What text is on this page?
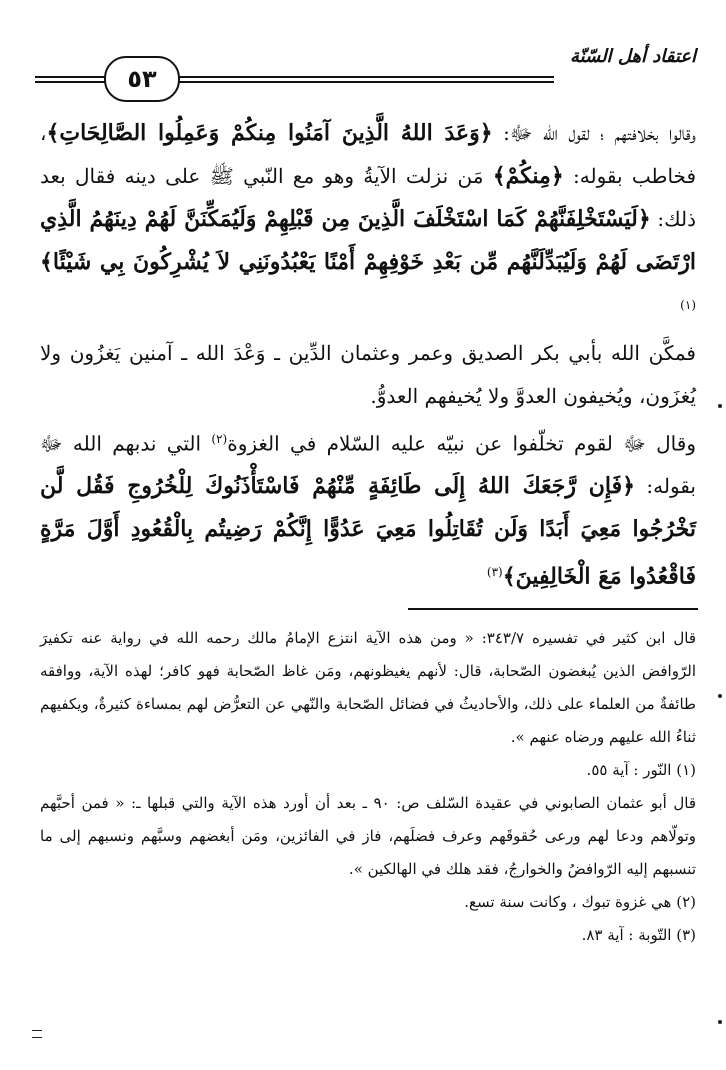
اعتقاد أهل السّنّة
٥٣

وقالوا بخلافتهم ؛ لقول الله ﷻ: ﴿وَعَدَ اللهُ الَّذِينَ آمَنُوا مِنكُمْ وَعَمِلُوا الصَّالِحَاتِ﴾، فخاطب بقوله: ﴿مِنكُمْ﴾ مَن نزلت الآيةُ وهو مع النّبي ﷺ على دينه فقال بعد ذلك: ﴿لَيَسْتَخْلِفَنَّهُمْ كَمَا اسْتَخْلَفَ الَّذِينَ مِن قَبْلِهِمْ وَلَيُمَكِّنَنَّ لَهُمْ دِينَهُمُ الَّذِي ارْتَضَى لَهُمْ وَلَيُبَدِّلَنَّهُم مِّن بَعْدِ خَوْفِهِمْ أَمْنًا يَعْبُدُونَنِي لاَ يُشْرِكُونَ بِي شَيْئًا﴾$^{(١)}$

فمكَّن الله بأبي بكر الصديق وعمر وعثمان الدِّين ـ وَعْدَ الله ـ آمنين يَغزُون ولا يُغزَون، ويُخيفون العدوَّ ولا يُخيفهم العدوُّ.

وقال ﷻ لقوم تخلّفوا عن نبيّه عليه السّلام في الغزوة$^{(٢)}$ التي ندبهم الله ﷻ بقوله: ﴿فَإِن رَّجَعَكَ اللهُ إِلَى طَائِفَةٍ مِّنْهُمْ فَاسْتَأْذَنُوكَ لِلْخُرُوجِ فَقُل لَّن تَخْرُجُوا مَعِيَ أَبَدًا وَلَن تُقَاتِلُوا مَعِيَ عَدُوًّا إِنَّكُمْ رَضِيتُم بِالْقُعُودِ أَوَّلَ مَرَّةٍ فَاقْعُدُوا مَعَ الْخَالِفِينَ﴾$^{(٣)}$

قال ابن كثير في تفسيره ٣٤٣/٧: « ومن هذه الآية انتزع الإمامُ مالك رحمه الله في رواية عنه تكفيرَ الرّوافض الذين يُبغضون الصّحابة، قال: لأنهم يغيظونهم، ومَن غاظ الصّحابة فهو كافر؛ لهذه الآية، ووافقه طائفةٌ من العلماء على ذلك، والأحاديثُ في فضائل الصّحابة والنّهي عن التعرُّض لهم بمساءة كثيرةٌ، ويكفيهم ثناءُ الله عليهم ورضاه عنهم ».

(١) النّور : آية ٥٥.

قال أبو عثمان الصابوني في عقيدة السّلف ص: ٩٠ ـ بعد أن أورد هذه الآية والتي قبلها ـ: « فمن أحبَّهم وتولّاهم ودعا لهم ورعى حُقوقَهم وعرف فضلَهم، فاز في الفائزين، ومَن أبغضهم وسبَّهم ونسبهم إلى ما تنسبهم إليه الرّوافضُ والخوارجُ، فقد هلك في الهالكين ».

(٢) هي غزوة تبوك ، وكانت سنة تسع.

(٣) التّوبة : آية ٨٣.
